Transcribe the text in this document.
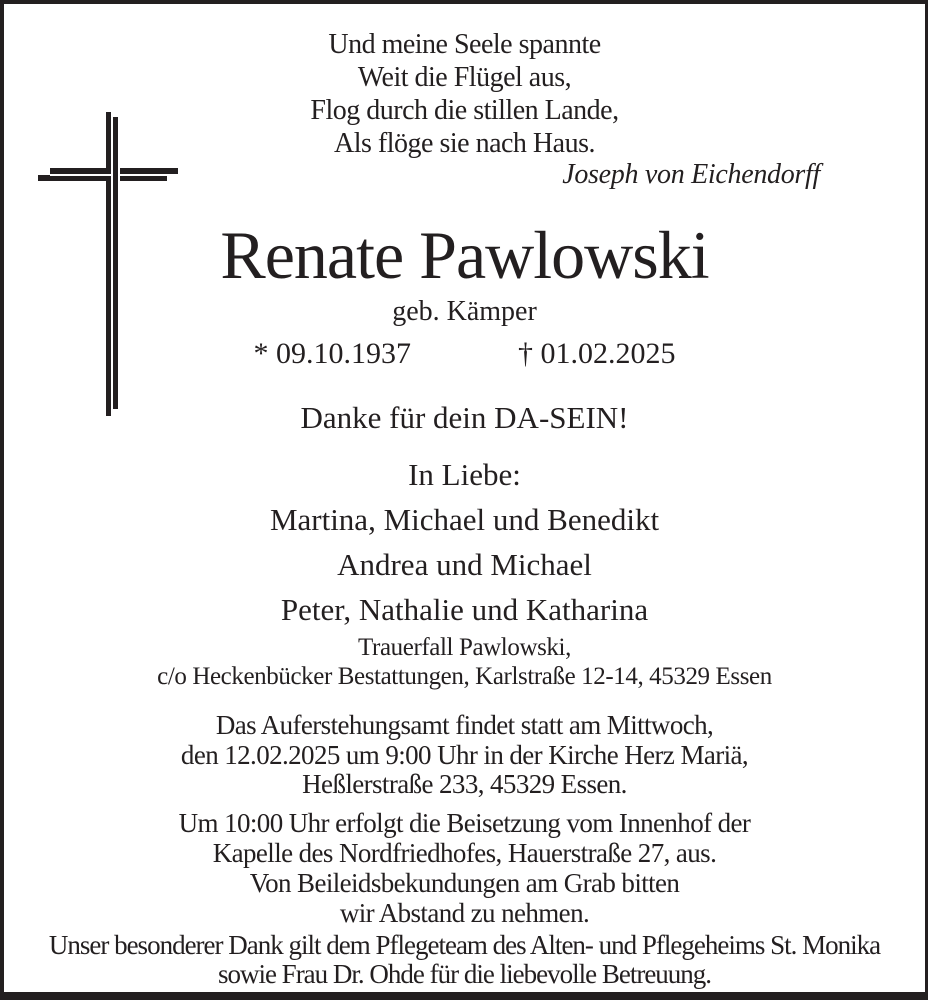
Und meine Seele spannte
Weit die Flügel aus,
Flog durch die stillen Lande,
Als flöge sie nach Haus.
Joseph von Eichendorff
Renate Pawlowski
geb. Kämper
* 09.10.1937	† 01.02.2025
Danke für dein DA-SEIN!
In Liebe:
Martina, Michael und Benedikt
Andrea und Michael
Peter, Nathalie und Katharina
Trauerfall Pawlowski,
c/o Heckenbücker Bestattungen, Karlstraße 12-14, 45329 Essen
Das Auferstehungsamt findet statt am Mittwoch,
den 12.02.2025 um 9:00 Uhr in der Kirche Herz Mariä,
Heßlerstraße 233, 45329 Essen.
Um 10:00 Uhr erfolgt die Beisetzung vom Innenhof der
Kapelle des Nordfriedhofes, Hauerstraße 27, aus.
Von Beileidsbekundungen am Grab bitten
wir Abstand zu nehmen.
Unser besonderer Dank gilt dem Pflegeteam des Alten- und Pflegeheims St. Monika
sowie Frau Dr. Ohde für die liebevolle Betreuung.
